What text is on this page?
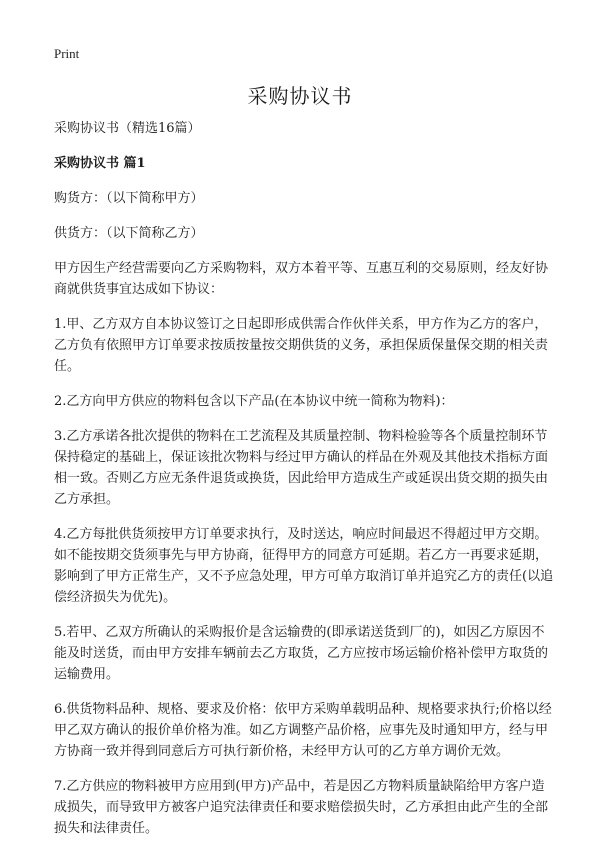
Print
采购协议书

采购协议书（精选16篇）

采购协议书 篇1

购货方：（以下简称甲方）

供货方：（以下简称乙方）

甲方因生产经营需要向乙方采购物料，双方本着平等、互惠互利的交易原则，经友好协商就供货事宜达成如下协议：

1.甲、乙方双方自本协议签订之日起即形成供需合作伙伴关系，甲方作为乙方的客户，乙方负有依照甲方订单要求按质按量按交期供货的义务，承担保质保量保交期的相关责任。

2.乙方向甲方供应的物料包含以下产品(在本协议中统一简称为物料)：

3.乙方承诺各批次提供的物料在工艺流程及其质量控制、物料检验等各个质量控制环节保持稳定的基础上，保证该批次物料与经过甲方确认的样品在外观及其他技术指标方面相一致。否则乙方应无条件退货或换货，因此给甲方造成生产或延误出货交期的损失由乙方承担。

4.乙方每批供货须按甲方订单要求执行，及时送达，响应时间最迟不得超过甲方交期。如不能按期交货须事先与甲方协商，征得甲方的同意方可延期。若乙方一再要求延期，影响到了甲方正常生产，又不予应急处理，甲方可单方取消订单并追究乙方的责任(以追偿经济损失为优先)。

5.若甲、乙双方所确认的采购报价是含运输费的(即承诺送货到厂的)，如因乙方原因不能及时送货，而由甲方安排车辆前去乙方取货，乙方应按市场运输价格补偿甲方取货的运输费用。

6.供货物料品种、规格、要求及价格：依甲方采购单载明品种、规格要求执行;价格以经甲乙双方确认的报价单价格为准。如乙方调整产品价格，应事先及时通知甲方，经与甲方协商一致并得到同意后方可执行新价格，未经甲方认可的乙方单方调价无效。

7.乙方供应的物料被甲方应用到(甲方)产品中，若是因乙方物料质量缺陷给甲方客户造成损失，而导致甲方被客户追究法律责任和要求赔偿损失时，乙方承担由此产生的全部损失和法律责任。
